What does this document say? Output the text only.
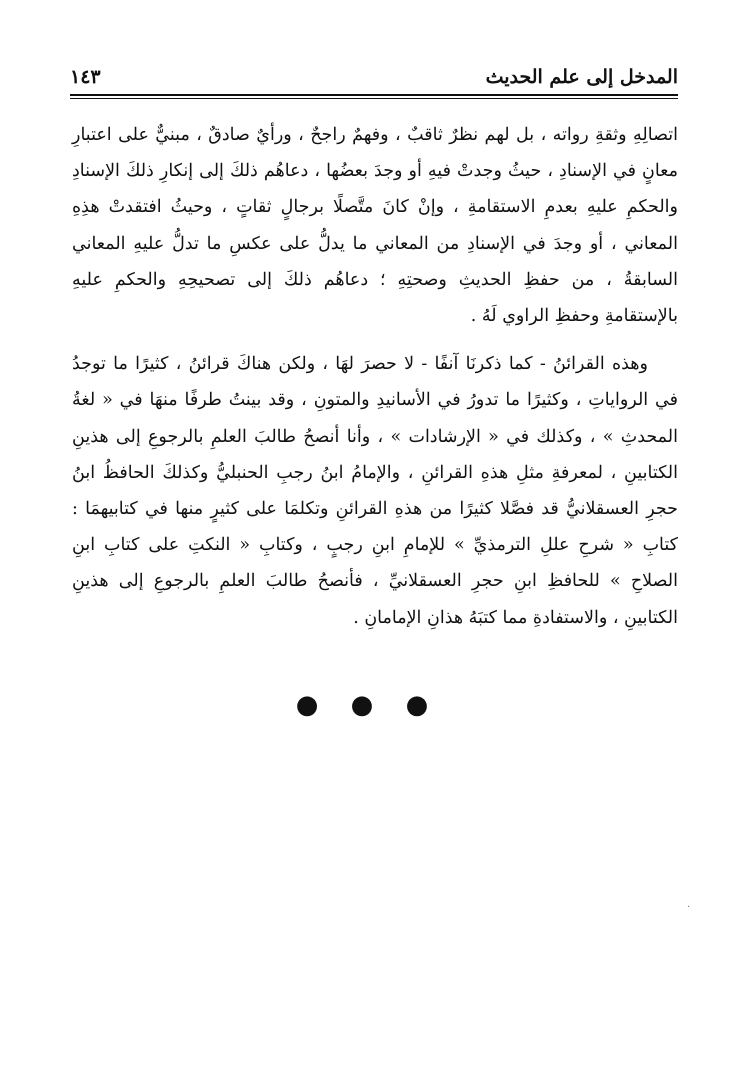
المدخل إلى علم الحديث
١٤٣

اتصالِهِ وثقةِ رواته ، بل لهم نظرٌ ثاقبٌ ، وفهمٌ راجحٌ ، ورأيٌ صادقٌ ، مبنيٌّ على اعتبارِ معانٍ في الإسنادِ ، حيثُ وجدتْ فيهِ أو وجدَ بعضُها ، دعاهُم ذلكَ إلى إنكارِ ذلكَ الإسنادِ والحكمِ عليهِ بعدمِ الاستقامةِ ، وإنْ كانَ متَّصلًا برجالٍ ثقاتٍ ، وحيثُ افتقدتْ هذِهِ المعاني ، أو وجدَ في الإسنادِ من المعاني ما يدلُّ على عكسِ ما تدلُّ عليهِ المعاني السابقةُ ، من حفظِ الحديثِ وصحتِهِ ؛ دعاهُم ذلكَ إلى تصحيحِهِ والحكمِ عليهِ بالإستقامةِ وحفظِ الراوي لَهُ .

وهذه القرائنُ - كما ذكرنَا آنفًا - لا حصرَ لهَا ، ولكن هناكَ قرائنُ ، كثيرًا ما توجدُ في الرواياتِ ، وكثيرًا ما تدورُ في الأسانيدِ والمتونِ ، وقد بينتُ طرفًا منهَا في « لغةُ المحدثِ » ، وكذلك في « الإرشادات » ، وأنا أنصحُ طالبَ العلمِ بالرجوعِ إلى هذينِ الكتابينِ ، لمعرفةِ مثلِ هذهِ القرائنِ ، والإمامُ ابنُ رجبِ الحنبليُّ وكذلكَ الحافظُ ابنُ حجرِ العسقلانيُّ قد فصَّلا كثيرًا من هذهِ القرائنِ وتكلمَا على كثيرٍ منها في كتابيهمَا : كتابِ « شرحِ عللِ الترمذيِّ » للإمامِ ابنِ رجبٍ ، وكتابِ « النكتِ على كتابِ ابنِ الصلاحِ » للحافظِ ابنِ حجرِ العسقلانيِّ ، فأنصحُ طالبَ العلمِ بالرجوعِ إلى هذينِ الكتابينِ ، والاستفادةِ مما كتبَهُ هذانِ الإمامانِ .

● ● ●
·
